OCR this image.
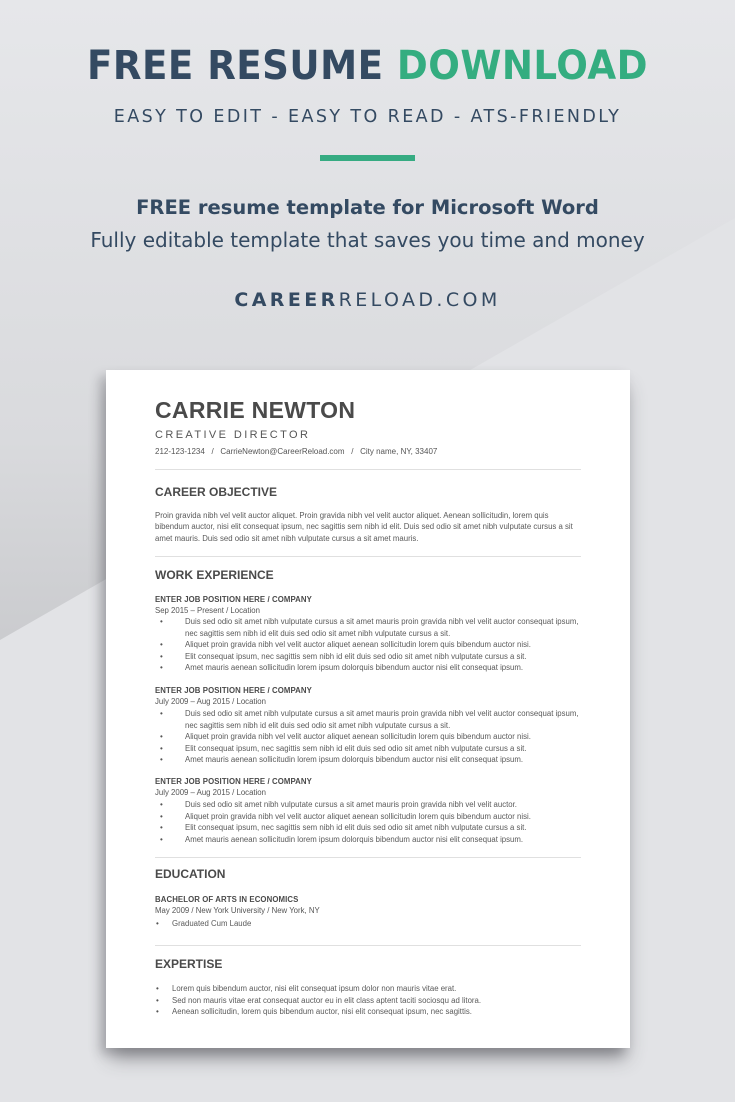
FREE RESUME DOWNLOAD
EASY TO EDIT - EASY TO READ - ATS-FRIENDLY
FREE resume template for Microsoft Word
Fully editable template that saves you time and money
CAREERRELOAD.COM
CARRIE NEWTON
CREATIVE DIRECTOR
212-123-1234   /   CarrieNewton@CareerReload.com   /   City name, NY, 33407
CAREER OBJECTIVE
Proin gravida nibh vel velit auctor aliquet. Proin gravida nibh vel velit auctor aliquet. Aenean sollicitudin, lorem quis bibendum auctor, nisi elit consequat ipsum, nec sagittis sem nibh id elit. Duis sed odio sit amet nibh vulputate cursus a sit amet mauris. Duis sed odio sit amet nibh vulputate cursus a sit amet mauris.
WORK EXPERIENCE
ENTER JOB POSITION HERE / COMPANY
Sep 2015 – Present / Location
• Duis sed odio sit amet nibh vulputate cursus a sit amet mauris proin gravida nibh vel velit auctor consequat ipsum, nec sagittis sem nibh id elit duis sed odio sit amet nibh vulputate cursus a sit.
• Aliquet proin gravida nibh vel velit auctor aliquet aenean sollicitudin lorem quis bibendum auctor nisi.
• Elit consequat ipsum, nec sagittis sem nibh id elit duis sed odio sit amet nibh vulputate cursus a sit.
• Amet mauris aenean sollicitudin lorem ipsum dolorquis bibendum auctor nisi elit consequat ipsum.
ENTER JOB POSITION HERE / COMPANY
July 2009 – Aug 2015 / Location
• Duis sed odio sit amet nibh vulputate cursus a sit amet mauris proin gravida nibh vel velit auctor consequat ipsum, nec sagittis sem nibh id elit duis sed odio sit amet nibh vulputate cursus a sit.
• Aliquet proin gravida nibh vel velit auctor aliquet aenean sollicitudin lorem quis bibendum auctor nisi.
• Elit consequat ipsum, nec sagittis sem nibh id elit duis sed odio sit amet nibh vulputate cursus a sit.
• Amet mauris aenean sollicitudin lorem ipsum dolorquis bibendum auctor nisi elit consequat ipsum.
ENTER JOB POSITION HERE / COMPANY
July 2009 – Aug 2015 / Location
• Duis sed odio sit amet nibh vulputate cursus a sit amet mauris proin gravida nibh vel velit auctor.
• Aliquet proin gravida nibh vel velit auctor aliquet aenean sollicitudin lorem quis bibendum auctor nisi.
• Elit consequat ipsum, nec sagittis sem nibh id elit duis sed odio sit amet nibh vulputate cursus a sit.
• Amet mauris aenean sollicitudin lorem ipsum dolorquis bibendum auctor nisi elit consequat ipsum.
EDUCATION
BACHELOR OF ARTS IN ECONOMICS
May 2009 / New York University / New York, NY
• Graduated Cum Laude
EXPERTISE
• Lorem quis bibendum auctor, nisi elit consequat ipsum dolor non mauris vitae erat.
• Sed non mauris vitae erat consequat auctor eu in elit class aptent taciti sociosqu ad litora.
• Aenean sollicitudin, lorem quis bibendum auctor, nisi elit consequat ipsum, nec sagittis.
